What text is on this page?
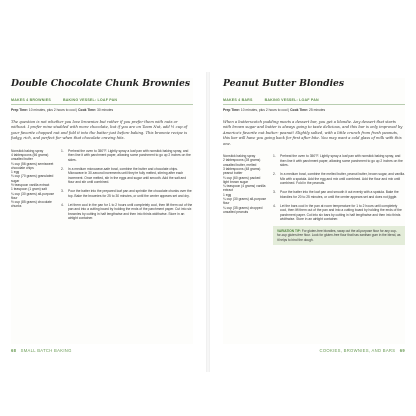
Double Chocolate Chunk Brownies
MAKES 4 BROWNIES	BAKING VESSEL: LOAF PAN
Prep Time: 10 minutes, plus 2 hours to cool | Cook Time: 30 minutes
The question is not whether you love brownies but rather if you prefer them with nuts or without. I prefer mine studded with more chocolate, but if you are on Team Nut, add ½ cup of your favorite chopped nut and fold it into the batter just before baking. This brownie recipe is fudgy, rich, and perfect for when that chocolate craving hits.
Nonstick baking spray
4 tablespoons (56 grams) unsalted butter
⅓ cup (56 grams) semisweet chocolate chips
1 egg
⅓ cup (70 grams) granulated sugar
½ teaspoon vanilla extract
1 teaspoon (1 gram) salt
¼ cup (30 grams) all-purpose flour
½ cup (85 grams) chocolate chunks
1.	Preheat the oven to 350°F. Lightly spray a loaf pan with nonstick baking spray, and then line it with parchment paper, allowing some parchment to go up 2 inches on the sides.
2.	In a medium microwave-safe bowl, combine the butter and chocolate chips. Microwave in 30-second increments until they're fully melted, stirring after each increment. Once melted, stir in the eggs and sugar until smooth. Add the salt and flour and stir until combined.
3.	Pour the batter into the prepared loaf pan and sprinkle the chocolate chunks over the top. Bake the brownies for 25 to 30 minutes, or until the center appears set and dry.
4.	Let them cool in the pan for 1 to 2 hours until completely cool, then lift them out of the pan and into a cutting board by holding the ends of the parchment paper. Cut into six brownies by cutting in half lengthwise and then into thirds widthwise. Store in an airtight container.
Peanut Butter Blondies
MAKES 4 BARS	BAKING VESSEL: LOAF PAN
Prep Time: 10 minutes, plus 2 hours to cool | Cook Time: 25 minutes
When a butterscotch pudding meets a dessert bar, you get a blondie. Any dessert that starts with brown sugar and butter is always going to taste delicious, and this bar is only improved by America's favorite nut butter: peanut! Slightly salted, with a little crunch from fresh peanuts, this bar will have you going back for first after bite. You may want a cold glass of milk with this one.
Nonstick baking spray
2 tablespoons (28 grams) unsalted butter, melted
3 tablespoons (48 grams) peanut butter
⅓ cup (60 grams) packed light brown sugar
¼ teaspoon (4 grams) vanilla extract
1 egg
¼ cup (30 grams) all-purpose flour
¼ cup (35 grams) chopped unsalted peanuts
1.	Preheat the oven to 350°F. Lightly spray a loaf pan with nonstick baking spray, and then line it with parchment paper, allowing some parchment to go up 2 inches on the sides.
2.	In a medium bowl, combine the melted butter, peanut butter, brown sugar, and vanilla. Mix with a spatula. Add the egg and mix until combined. Add the flour and mix until combined. Fold in the peanuts.
3.	Pour the batter into the loaf pan and smooth it out evenly with a spatula. Bake the blondies for 20 to 25 minutes, or until the center appears set and does not jiggle.
4.	Let the bars cool in the pan at room temperature for 1 to 2 hours until completely cool, then lift them out of the pan and into a cutting board by holding the ends of the parchment paper. Cut into six bars by cutting in half lengthwise and then into thirds widthwise. Store in an airtight container.
VARIATION TIP: For gluten-free blondies, swap out the all-purpose flour for any cup-for-cup gluten-free flour. Look for gluten-free flour that has xanthan gum in the blend, as it helps to bind the dough.
68 SMALL BATCH BAKING	COOKIES, BROWNIES, AND BARS 69
